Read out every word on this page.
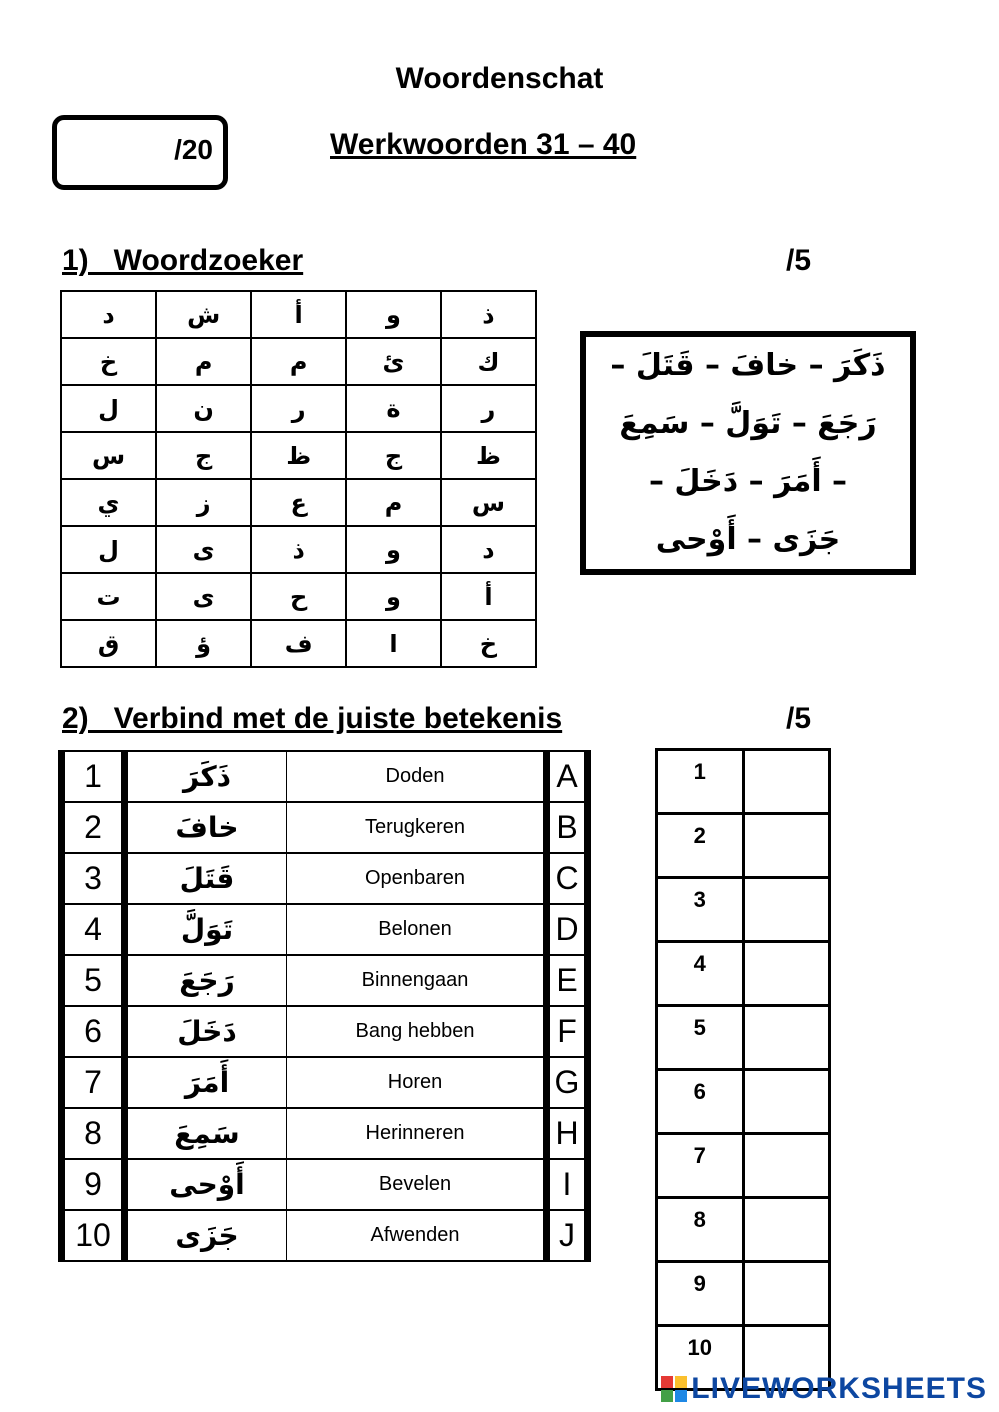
Woordenschat
/20	Werkwoorden 31 – 40
1)   Woordzoeker	/5
د	ش	أ	و	ذ
خ	م	م	ئ	ك
ل	ن	ر	ة	ر
س	ج	ظ	ج	ظ
ي	ز	ع	م	س
ل	ى	ذ	و	د
ت	ى	ح	و	أ
ق	ؤ	ف	ا	خ
ذَكَرَ – خافَ – قَتَلَ –
رَجَعَ – تَوَلَّ – سَمِعَ
– أَمَرَ – دَخَلَ –
جَزَى – أَوْحى
2)   Verbind met de juiste betekenis	/5
1	ذَكَرَ	Doden	A
2	خافَ	Terugkeren	B
3	قَتَلَ	Openbaren	C
4	تَوَلَّ	Belonen	D
5	رَجَعَ	Binnengaan	E
6	دَخَلَ	Bang hebben	F
7	أَمَرَ	Horen	G
8	سَمِعَ	Herinneren	H
9	أَوْحى	Bevelen	I
10	جَزَى	Afwenden	J
1	
2	
3	
4	
5	
6	
7	
8	
9	
10	
LIVEWORKSHEETS
